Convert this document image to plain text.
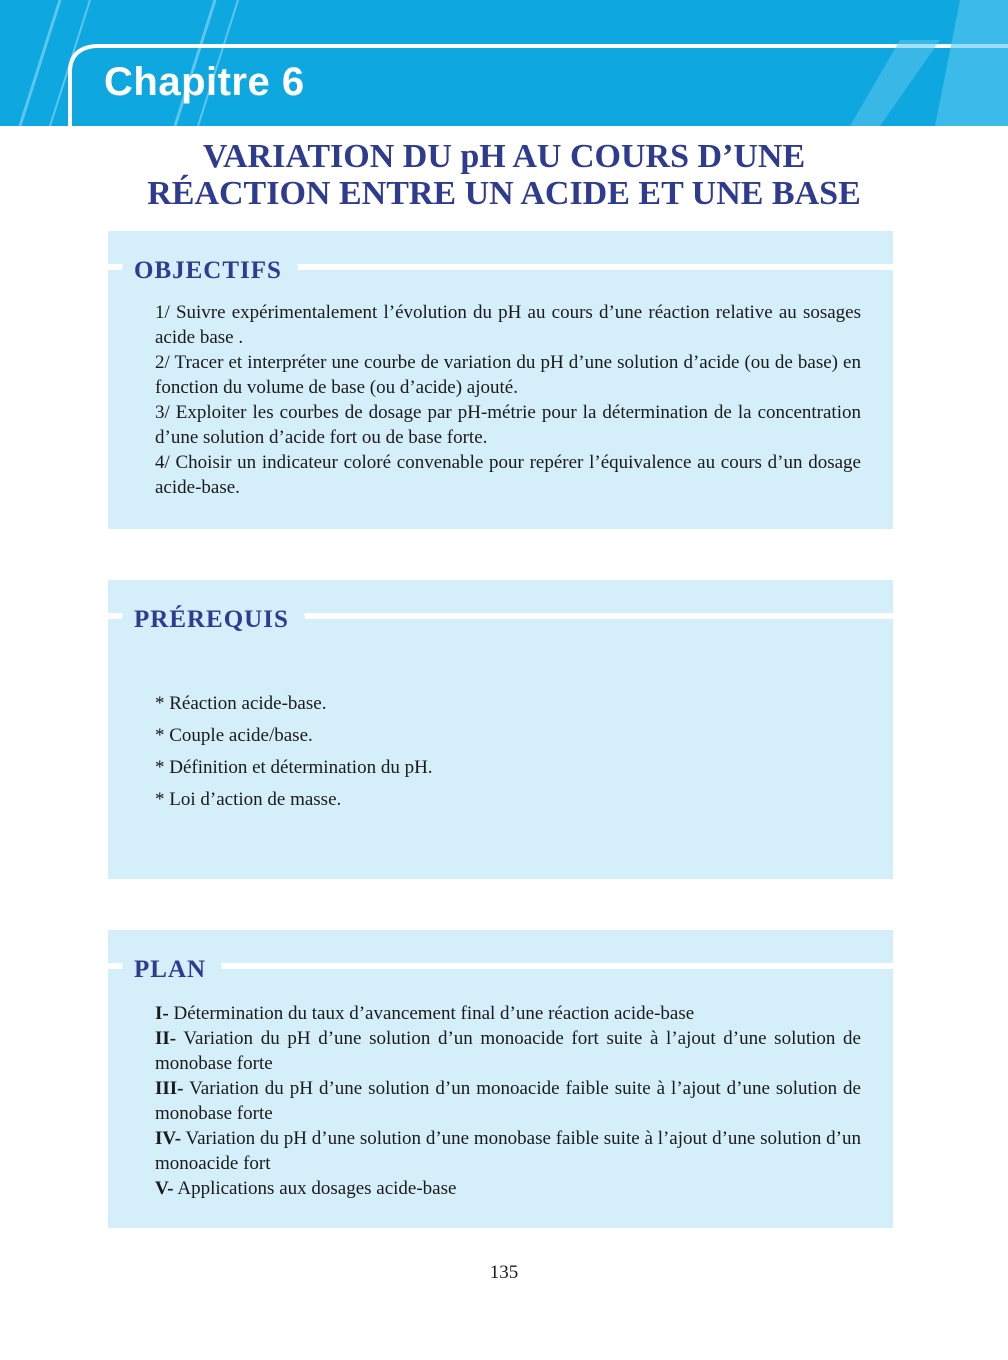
Chapitre 6
VARIATION DU pH AU COURS D’UNE
RÉACTION ENTRE UN ACIDE ET UNE BASE
OBJECTIFS

1/ Suivre expérimentalement l’évolution du pH au cours d’une réaction relative au sosages acide base .

2/ Tracer et interpréter une courbe de variation du pH d’une solution d’acide (ou de base) en fonction du volume de base (ou d’acide) ajouté.

3/ Exploiter les courbes de dosage par pH-métrie pour la détermination de la concentration d’une solution d’acide fort ou de base forte.

4/ Choisir un indicateur coloré convenable pour repérer l’équivalence au cours d’un dosage acide-base.

PRÉREQUIS

* Réaction acide-base.

* Couple acide/base.

* Définition et détermination du pH.

* Loi d’action de masse.

PLAN

I- Détermination du taux d’avancement final d’une réaction acide-base

II- Variation du pH d’une solution d’un monoacide fort suite à l’ajout d’une solution de monobase forte

III- Variation du pH d’une solution d’un monoacide faible suite à l’ajout d’une solution de monobase forte

IV- Variation du pH d’une solution d’une monobase faible suite à l’ajout d’une solution d’un monoacide fort

V- Applications aux dosages acide-base

135
